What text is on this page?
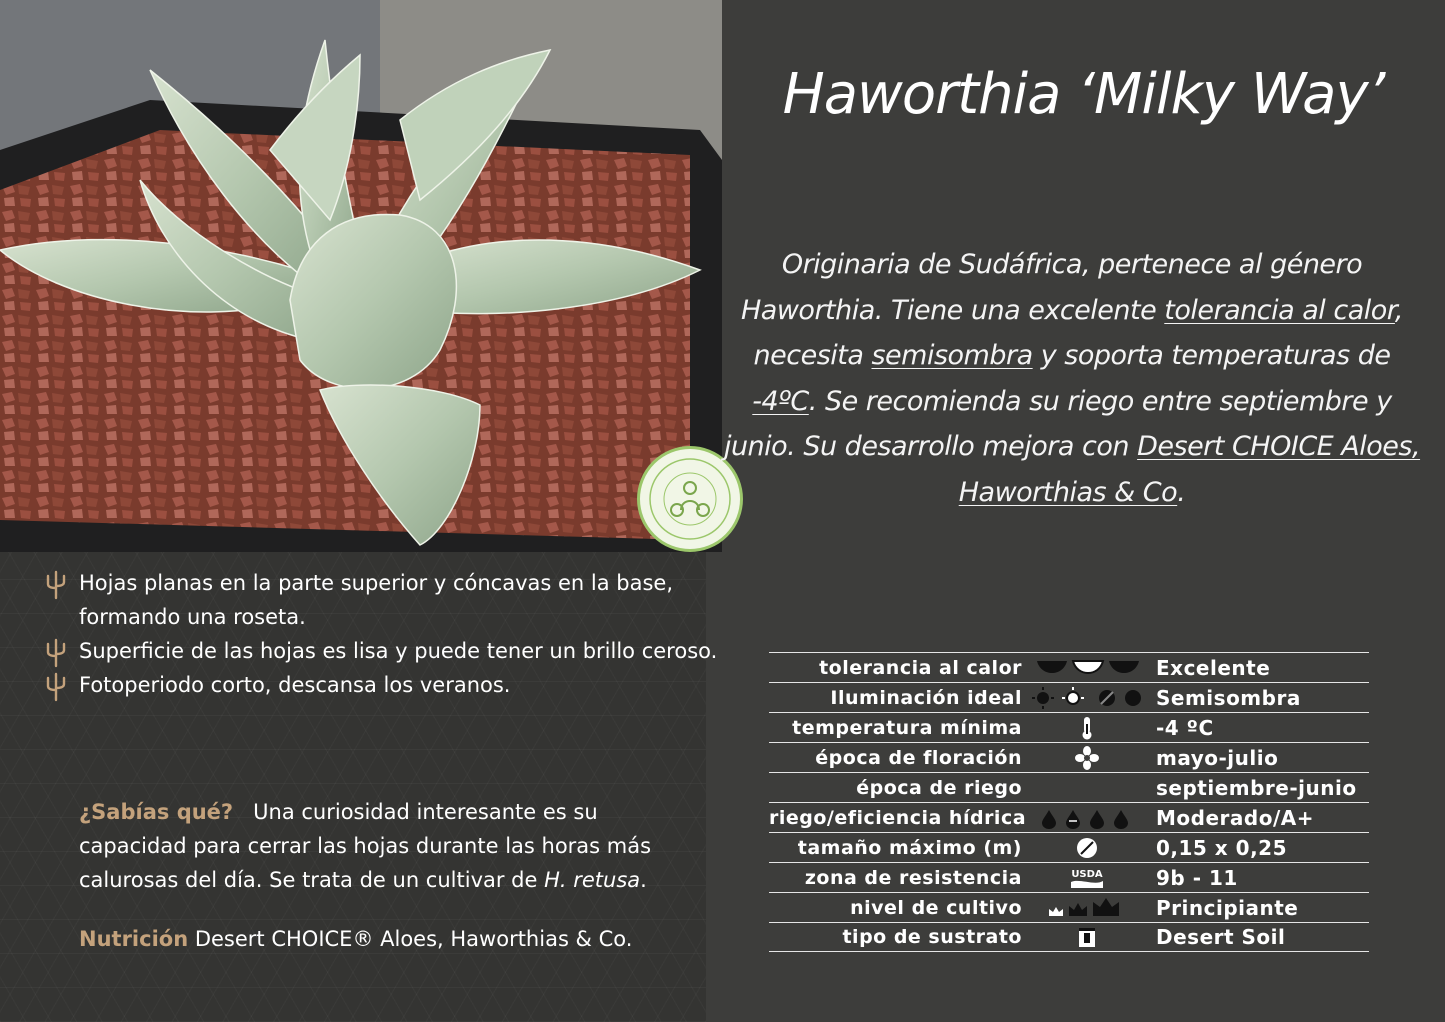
Haworthia ‘Milky Way’

Originaria de Sudáfrica, pertenece al género Haworthia. Tiene una excelente tolerancia al calor, necesita semisombra y soporta temperaturas de -4ºC. Se recomienda su riego entre septiembre y junio. Su desarrollo mejora con Desert CHOICE Aloes, Haworthias & Co.

Hojas planas en la parte superior y cóncavas en la base, formando una roseta.
Superficie de las hojas es lisa y puede tener un brillo ceroso.
Fotoperiodo corto, descansa los veranos.

¿Sabías qué? Una curiosidad interesante es su capacidad para cerrar las hojas durante las horas más calurosas del día. Se trata de un cultivar de H. retusa.

Nutrición Desert CHOICE® Aloes, Haworthias & Co.

tolerancia al calor	Excelente
Iluminación ideal	Semisombra
temperatura mínima	-4 ºC
época de floración	mayo-julio
época de riego	septiembre-junio
riego/eficiencia hídrica	Moderado/A+
tamaño máximo (m)	0,15 x 0,25
zona de resistencia	USDA	9b - 11
nivel de cultivo	Principiante
tipo de sustrato	Desert Soil
